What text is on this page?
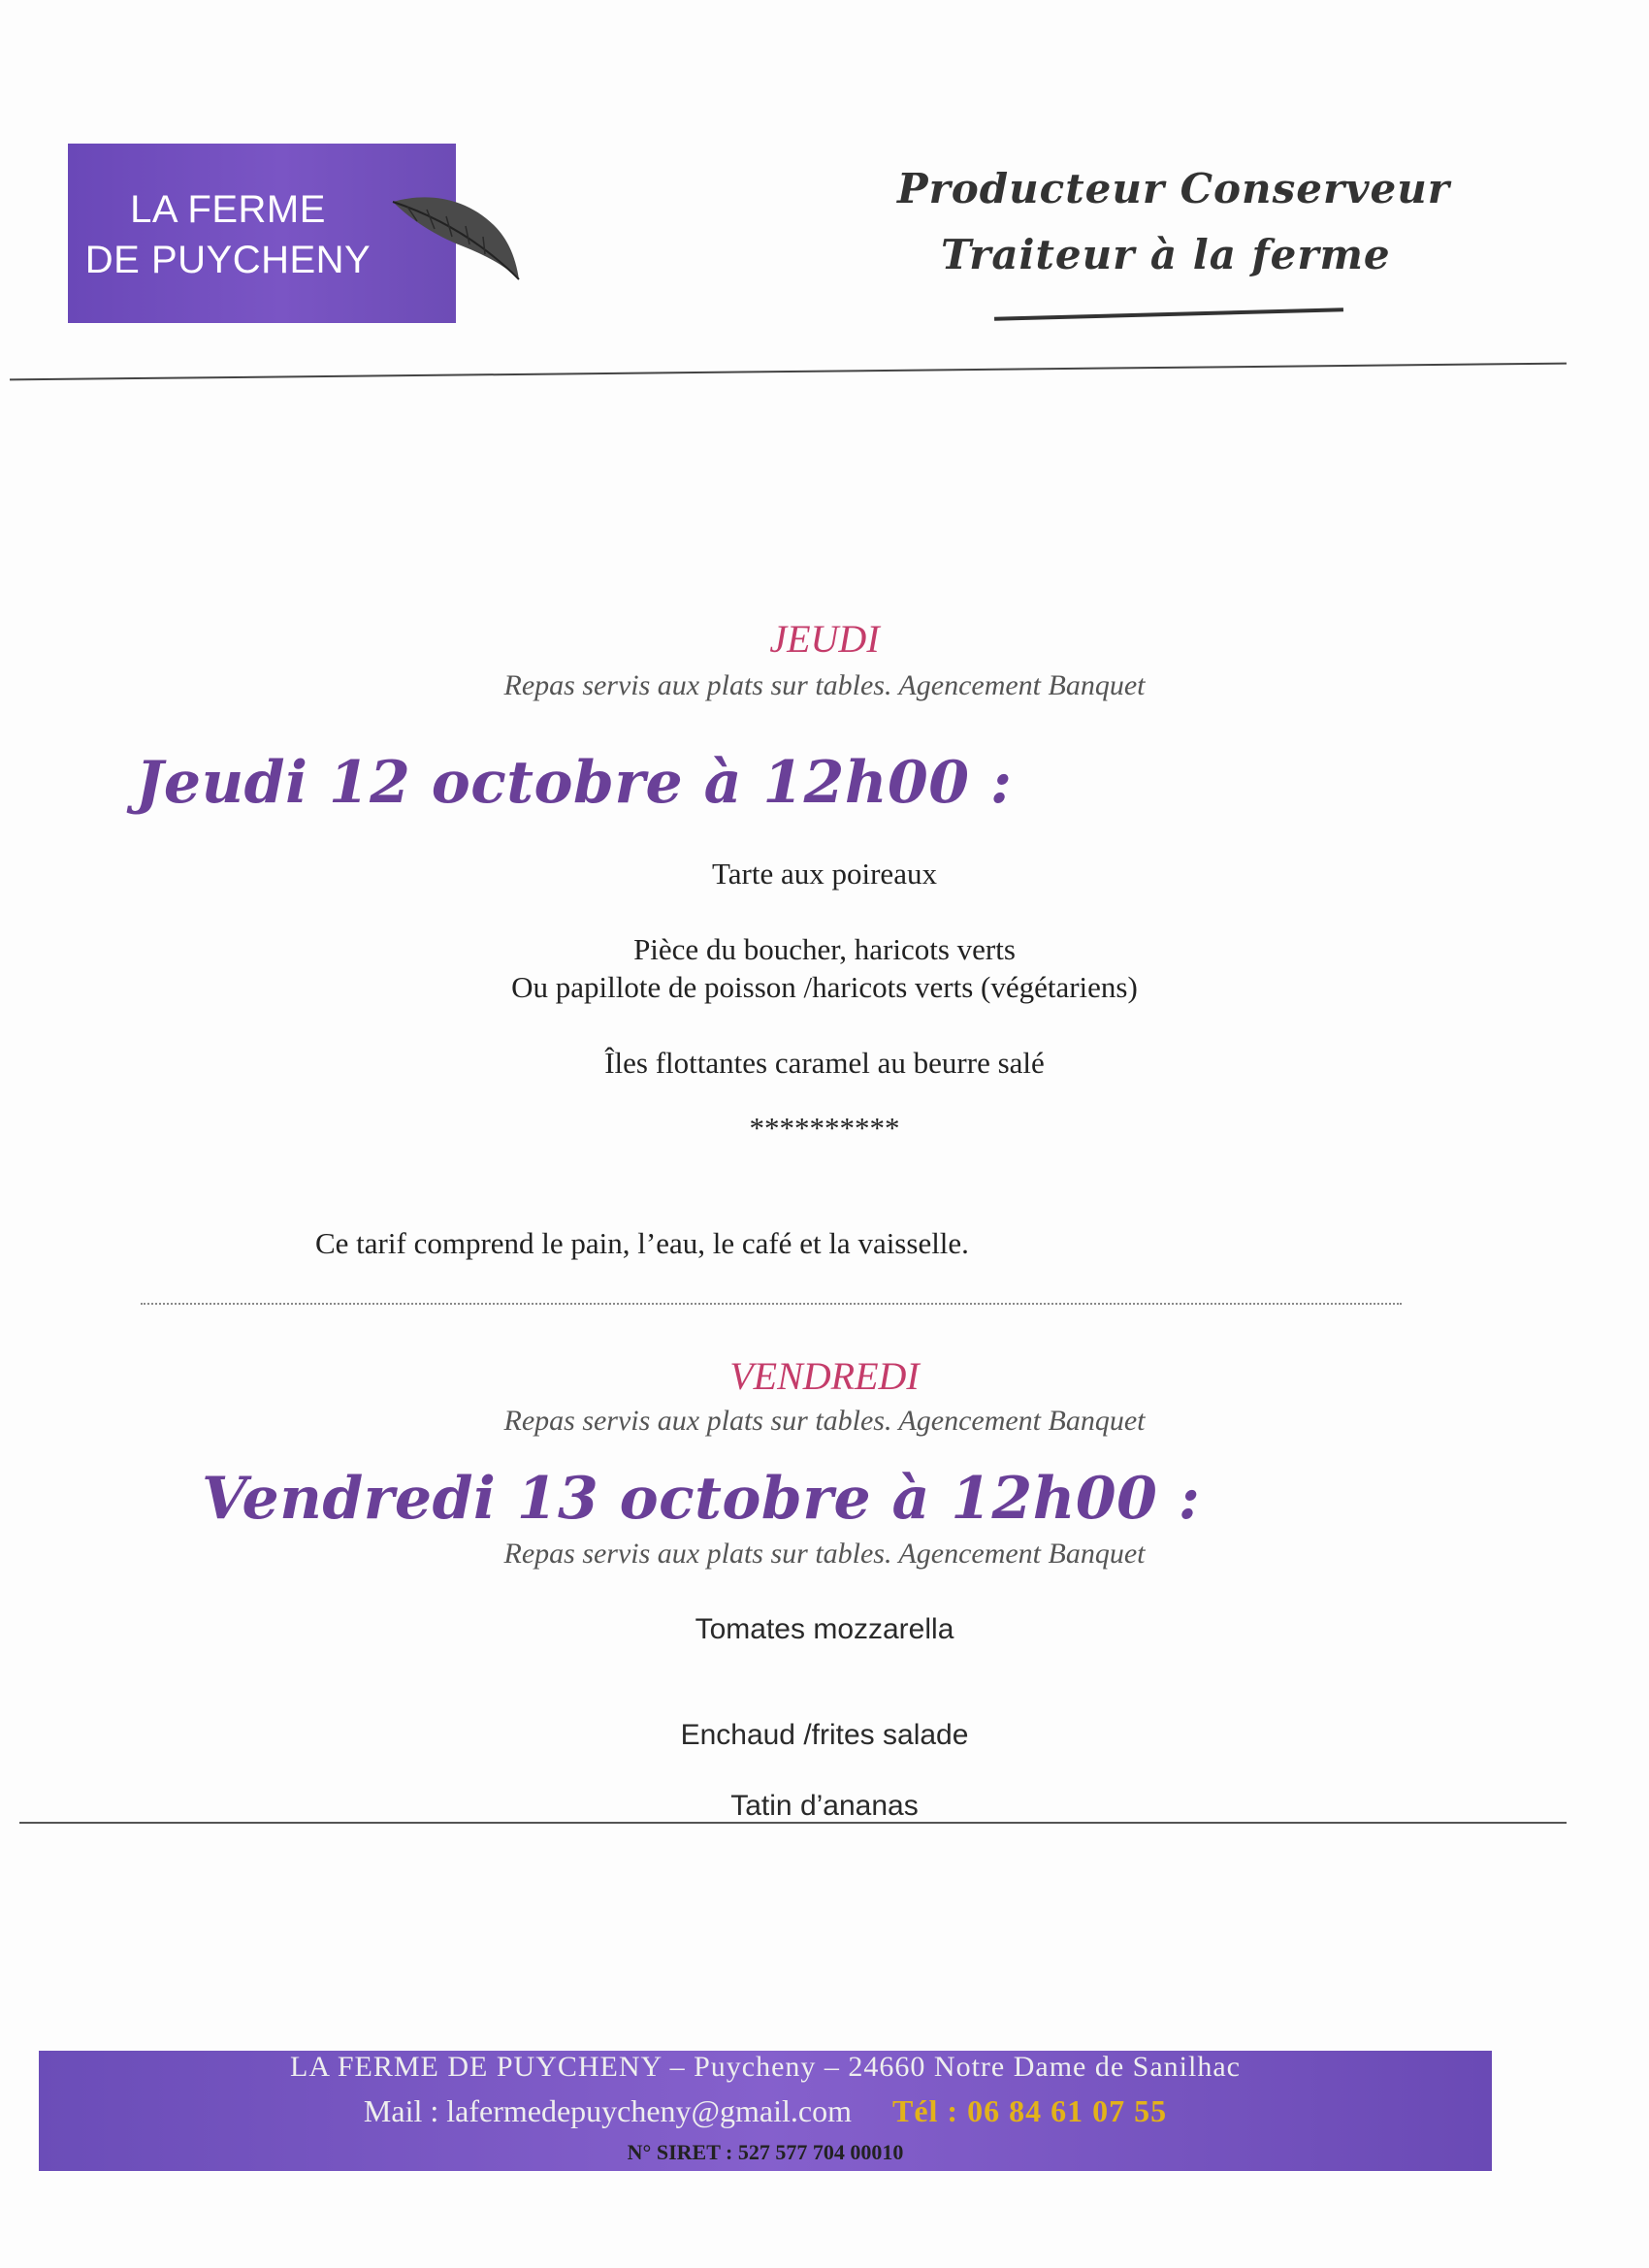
LA FERME
DE PUYCHENY
Producteur Conserveur
Traiteur à la ferme
JEUDI
Repas servis aux plats sur tables. Agencement Banquet
Jeudi 12 octobre à 12h00 :
Tarte aux poireaux
Pièce du boucher, haricots verts
Ou papillote de poisson /haricots verts (végétariens)
Îles flottantes caramel au beurre salé
**********
Ce tarif comprend le pain, l’eau, le café et la vaisselle.
VENDREDI
Repas servis aux plats sur tables. Agencement Banquet
Vendredi 13 octobre à 12h00 :
Repas servis aux plats sur tables. Agencement Banquet
Tomates mozzarella
Enchaud /frites salade
Tatin d’ananas
LA FERME DE PUYCHENY – Puycheny – 24660 Notre Dame de Sanilhac
Mail : lafermedepuycheny@gmail.com Tél : 06 84 61 07 55
N° SIRET : 527 577 704 00010
